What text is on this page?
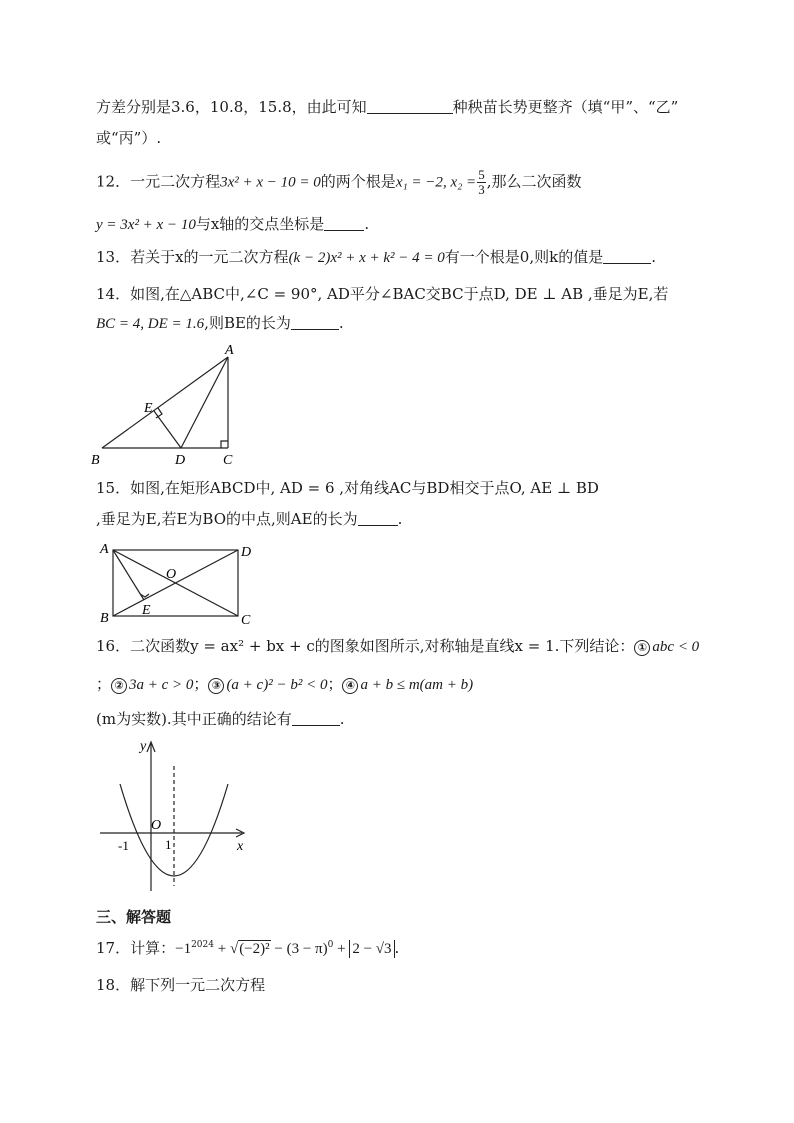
方差分别是3.6，10.8，15.8，由此可知	种秧苗长势更整齐（填“甲”、“乙”
或“丙”）.
12．一元二次方程3x² + x − 10 = 0的两个根是x₁ = −2, $x_2 = \frac{5}{3}$ ,那么二次函数
y = 3x² + x − 10与x轴的交点坐标是	.
13．若关于x的一元二次方程(k − 2)x² + x + k² − 4 = 0有一个根是0,则k的值是	.
14．如图,在△ABC中,∠C = 90°, AD平分∠BAC交BC于点D, DE ⊥ AB ,垂足为E,若
BC = 4, DE = 1.6,则BE的长为	.
A
B	C
D
E
15．如图,在矩形ABCD中, AD = 6 ,对角线AC与BD相交于点O, AE ⊥ BD
,垂足为E,若E为BO的中点,则AE的长为	.
A	D
B	C
O
E
16．二次函数y = ax² + bx + c的图象如图所示,对称轴是直线x = 1.下列结论： ① abc < 0
； ② 3a + c > 0； ③ (a + c)² − b² < 0； ④ a + b ≤ m(am + b)
(m为实数).其中正确的结论有	.
y
x
O
-1	1
三、解答题
17．计算：$-1^{2024} + √(-2)^2 - (3 - \pi)^0 + 2 - √3$ .
18．解下列一元二次方程
